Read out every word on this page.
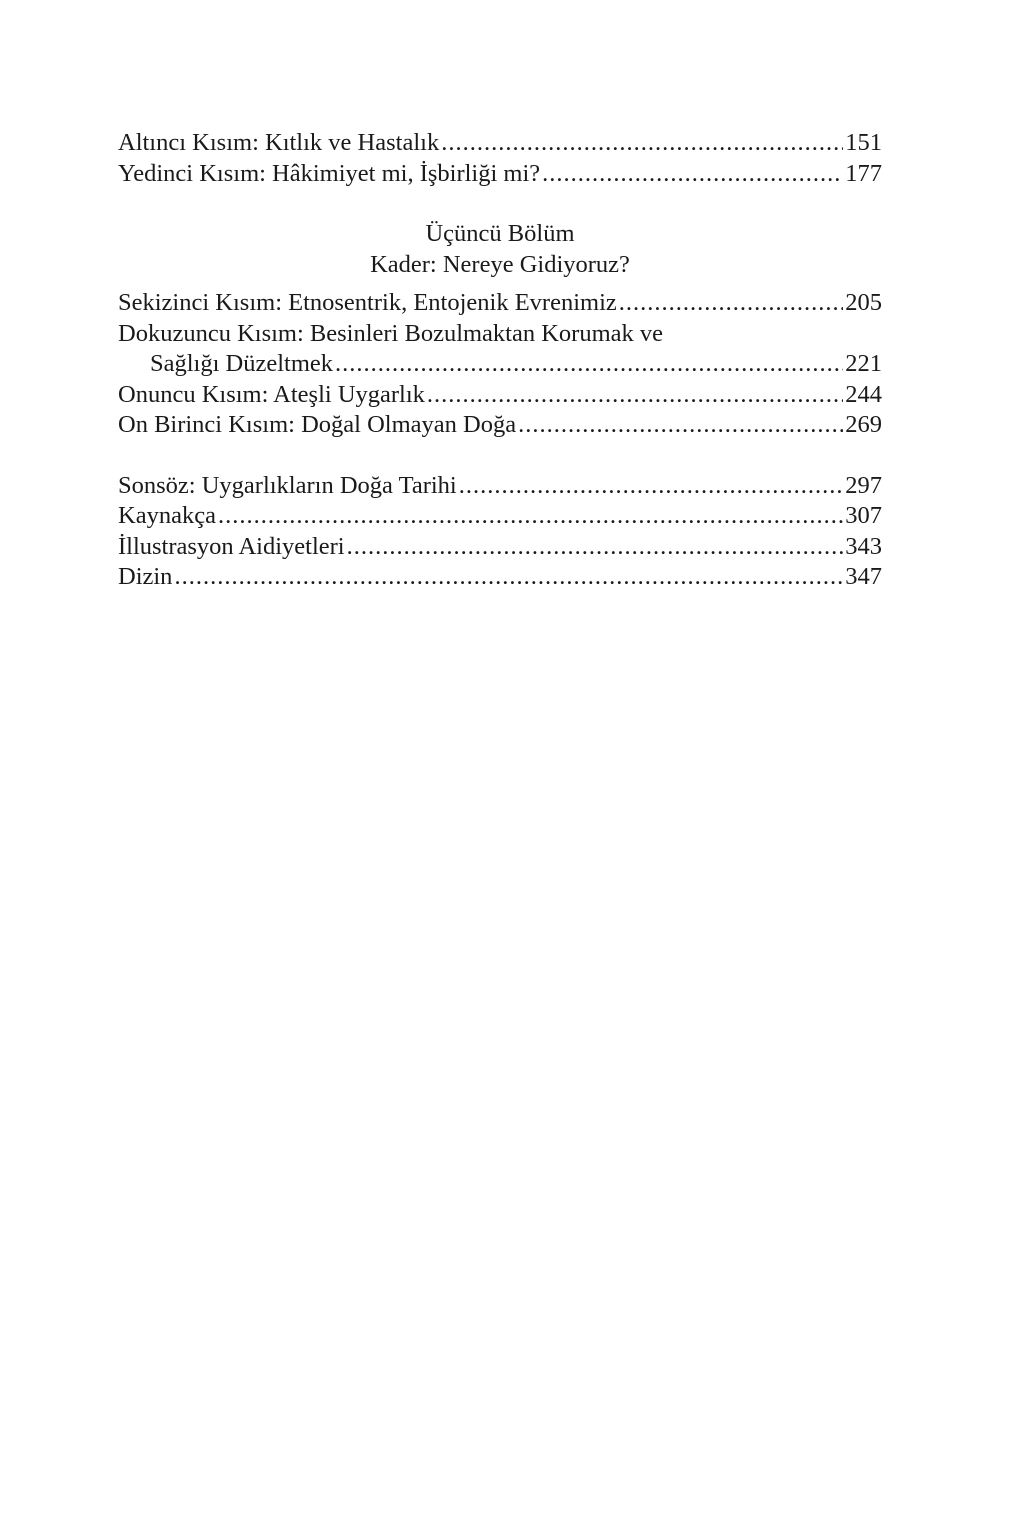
Altıncı Kısım: Kıtlık ve Hastalık .....	151
Yedinci Kısım: Hâkimiyet mi, İşbirliği mi? .....	177
Üçüncü Bölüm
Kader: Nereye Gidiyoruz?
Sekizinci Kısım: Etnosentrik, Entojenik Evrenimiz .....	205
Dokuzuncu Kısım: Besinleri Bozulmaktan Korumak ve
Sağlığı Düzeltmek .....	221
Onuncu Kısım: Ateşli Uygarlık .....	244
On Birinci Kısım: Doğal Olmayan Doğa .....	269
Sonsöz: Uygarlıkların Doğa Tarihi .....	297
Kaynakça .....	307
İllustrasyon Aidiyetleri .....	343
Dizin .....	347
